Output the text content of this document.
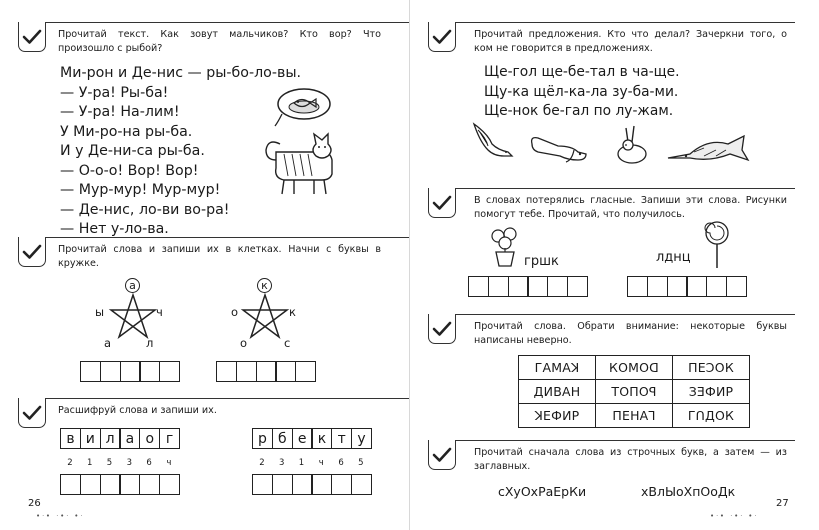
Прочитай текст. Как зовут мальчиков? Кто вор? Что произошло с рыбой?
Ми-рон и Де-нис — ры-бо-ло-вы.
— У-ра! Ры-ба!
— У-ра! На-лим!
У Ми-ро-на ры-ба.
И у Де-ни-са ры-ба.
— О-о-о! Вор! Вор!
— Мур-мур! Мур-мур!
— Де-нис, ло-ви во-ра!
— Нет у-ло-ва.
Прочитай слова и запиши их в клетках. Начни с буквы в кружке.
а
ы	ч
а	л
к
о	к
о	с
Расшифруй слова и запиши их.
в и л а о г
2	1	5	3	6	ч
р б е к т у
2	3	1	ч	6	5
26
•ᐧ• ᐧ•ᐧ •ᐧ
Прочитай предложения. Кто что делал? Зачеркни того, о ком не говорится в предложениях.
Ще-гол ще-бе-тал в ча-ще.
Щу-ка щёл-ка-ла зу-ба-ми.
Ще-нок бе-гал по лу-жам.
В словах потерялись гласные. Запиши эти слова. Рисунки помогут тебе. Прочитай, что получилось.
гршк	лднц
Прочитай слова. Обрати внимание: некоторые буквы написаны неверно.
ГАМАꓘ	КОМОꓷ	ПЕꓛОК
ДИВАН	ТОПОꟼ	ЗƎФИР
ꓘЕФИР	ПЕНАꓶ	ГꓵДОК
Прочитай сначала слова из строчных букв, а затем — из заглавных.
сХуОхРаЕрКи	хВлЫоХпОоДк
27
•ᐧ• ᐧ•ᐧ •ᐧ
